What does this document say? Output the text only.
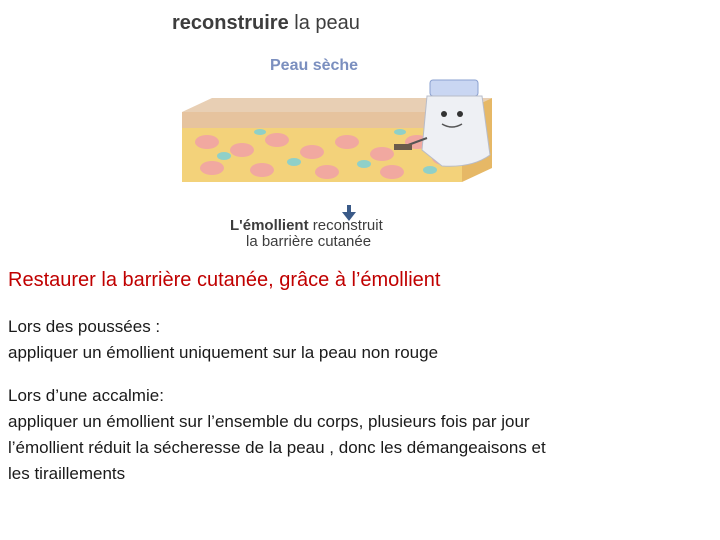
reconstruire la peau
Peau sèche
L'émollient reconstruit
la barrière cutanée

Restaurer la barrière cutanée, grâce à l’émollient

Lors des poussées :
appliquer un émollient uniquement sur la peau non rouge
Lors d’une accalmie:
appliquer un émollient sur l’ensemble du corps, plusieurs fois par jour
l’émollient réduit la sécheresse de la peau , donc les démangeaisons et
les tiraillements
